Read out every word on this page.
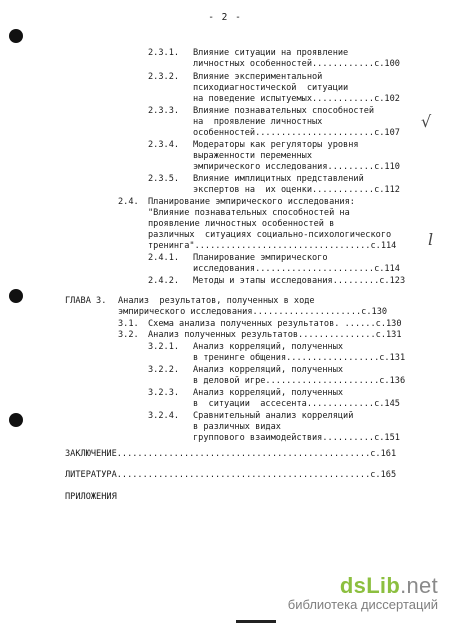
- 2 -
2.3.1. Влияние ситуации на проявление
личностных особенностей............с.100
2.3.2. Влияние экспериментальной
психодиагностической  ситуации
на поведение испытуемых............с.102
2.3.3. Влияние познавательных способностей
на  проявление личностных
особенностей.......................с.107
2.3.4. Модераторы как регуляторы уровня
выраженности переменных
эмпирического исследования.........с.110
2.3.5. Влияние имплицитных представлений
экспертов на  их оценки............с.112
2.4. Планирование эмпирического исследования:
"Влияние познавательных способностей на
проявление личностных особенностей в
различных  ситуациях социально-психологического
тренинга"..................................с.114
2.4.1. Планирование эмпирического
исследования.......................с.114
2.4.2. Методы и этапы исследования.........с.123
ГЛАВА 3. Анализ  результатов, полученных в ходе
эмпирического исследования.....................с.130
3.1. Схема анализа полученных результатов. ......с.130
3.2. Анализ полученных результатов...............с.131
3.2.1. Анализ корреляций, полученных
в тренинге общения..................с.131
3.2.2. Анализ корреляций, полученных
в деловой игре......................с.136
3.2.3. Анализ корреляций, полученных
в  ситуации  ассесента.............с.145
3.2.4. Сравнительный анализ корреляций
в различных видах
группового взаимодействия..........с.151
ЗАКЛЮЧЕНИЕ.................................................с.161
ЛИТЕРАТУРА.................................................с.165
ПРИЛОЖЕНИЯ
√
l
dsLib.net
библиотека диссертаций
